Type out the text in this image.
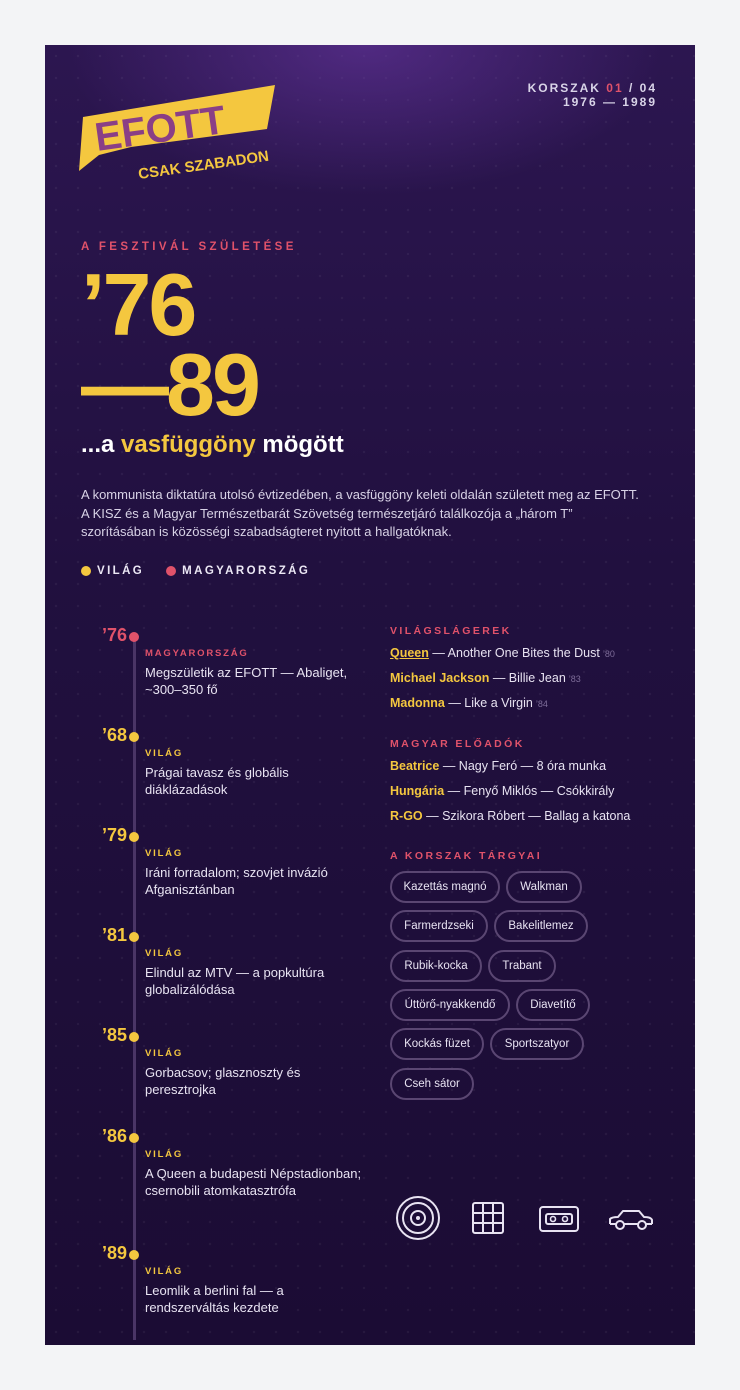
KORSZAK 01 / 04
1976 — 1989
EFOTT
CSAK SZABADON
A FESZTIVÁL SZÜLETÉSE
’76
—89
...a vasfüggöny mögött

A kommunista diktatúra utolsó évtizedében, a vasfüggöny keleti oldalán született meg az EFOTT. A KISZ és a Magyar Természetbarát Szövetség természetjáró találkozója a „három T” szorításában is közösségi szabadságteret nyitott a hallgatóknak.

VILÁG	MAGYARORSZÁG
’76
MAGYARORSZÁG
Megszületik az EFOTT — Abaliget, ~300–350 fő
’68
VILÁG
Prágai tavasz és globális diáklázadások
’79
VILÁG
Iráni forradalom; szovjet invázió Afganisztánban
’81
VILÁG
Elindul az MTV — a popkultúra globalizálódása
’85
VILÁG
Gorbacsov; glasznoszty és peresztrojka
’86
VILÁG
A Queen a budapesti Népstadionban; csernobili atomkatasztrófa
’89
VILÁG
Leomlik a berlini fal — a rendszerváltás kezdete
VILÁGSLÁGEREK
Queen — Another One Bites the Dust ’80
Michael Jackson — Billie Jean ’83
Madonna — Like a Virgin ’84
MAGYAR ELŐADÓK
Beatrice — Nagy Feró — 8 óra munka
Hungária — Fenyő Miklós — Csókkirály
R-GO — Szikora Róbert — Ballag a katona
A KORSZAK TÁRGYAI
Kazettás magnó	Walkman
Farmerdzseki	Bakelitlemez
Rubik-kocka	Trabant
Úttörő-nyakkendő	Diavetítő
Kockás füzet	Sportszatyor
Cseh sátor
